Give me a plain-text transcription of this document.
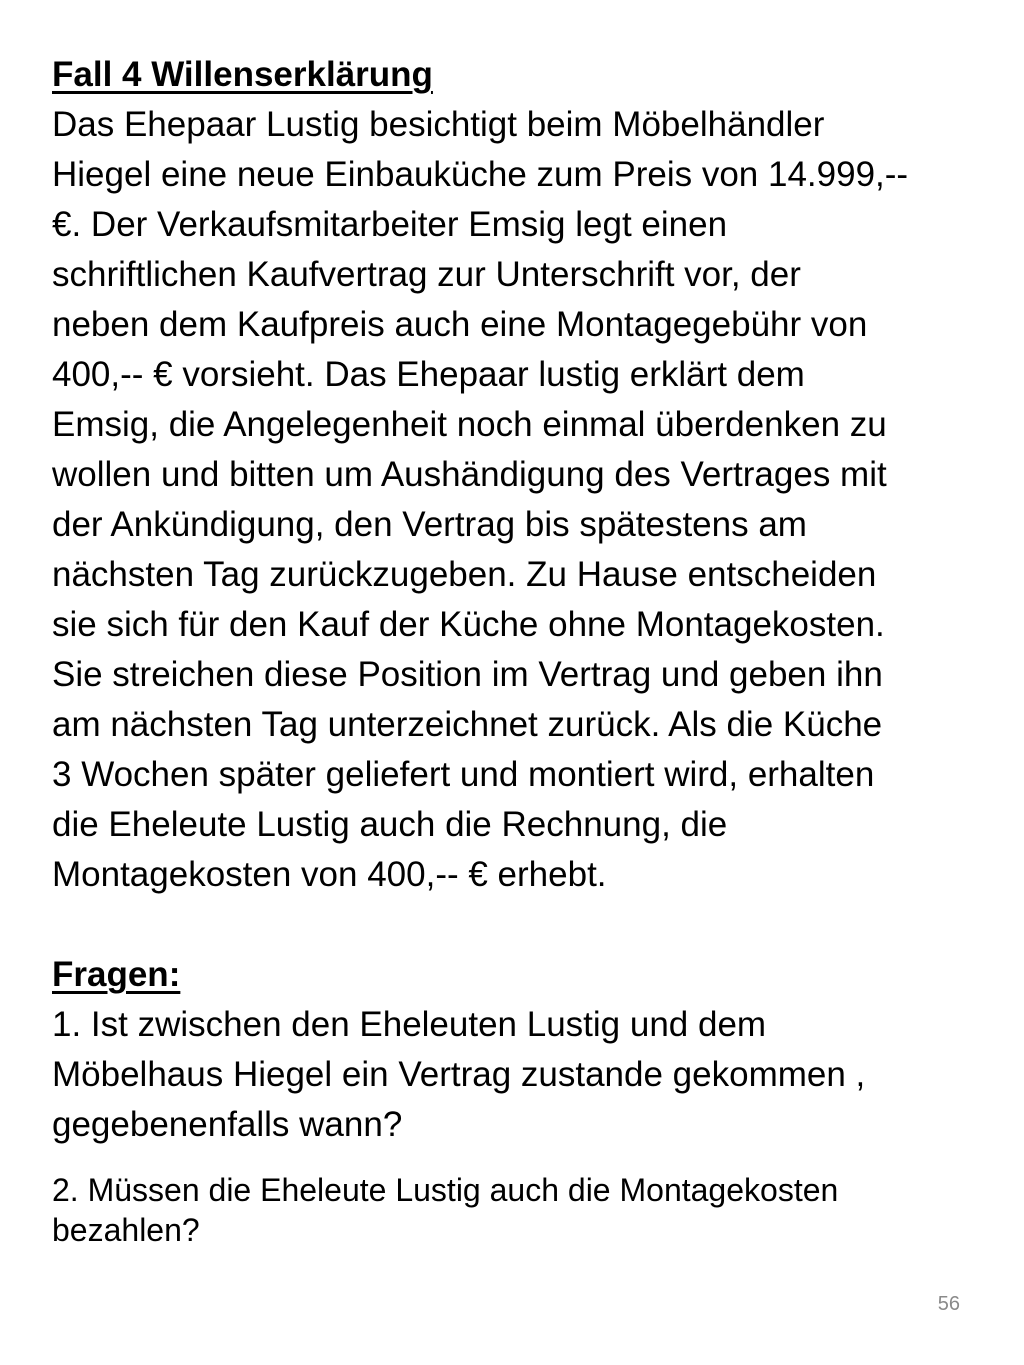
Fall 4 Willenserklärung

Das Ehepaar Lustig besichtigt beim Möbelhändler

Hiegel eine neue Einbauküche zum Preis von 14.999,--

€. Der Verkaufsmitarbeiter Emsig legt einen

schriftlichen Kaufvertrag zur Unterschrift vor, der

neben dem Kaufpreis auch eine Montagegebühr von

400,-- € vorsieht. Das Ehepaar lustig erklärt dem

Emsig, die Angelegenheit noch einmal überdenken zu

wollen und bitten um Aushändigung des Vertrages mit

der Ankündigung, den Vertrag bis spätestens am

nächsten Tag zurückzugeben. Zu Hause entscheiden

sie sich für den Kauf der Küche ohne Montagekosten.

Sie streichen diese Position im Vertrag und geben ihn

am nächsten Tag unterzeichnet zurück. Als die Küche

3 Wochen später geliefert und montiert wird, erhalten

die Eheleute Lustig auch die Rechnung, die

Montagekosten von 400,-- € erhebt.

Fragen:

1. Ist zwischen den Eheleuten Lustig und dem

Möbelhaus Hiegel ein Vertrag zustande gekommen ,

gegebenenfalls wann?

2. Müssen die Eheleute Lustig auch die Montagekosten

bezahlen?

56
